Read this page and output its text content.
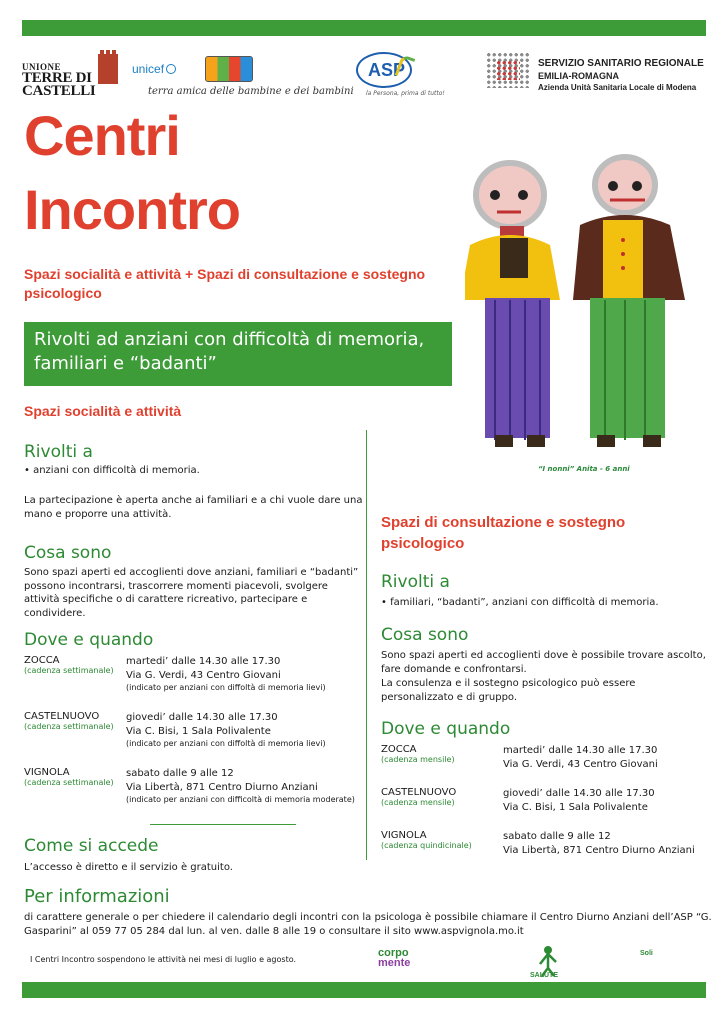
UNIONE
TERRE DI
CASTELLI
unicef
terra amica delle bambine e dei bambini
ASP
la Persona, prima di tutto!
SERVIZIO SANITARIO REGIONALE
EMILIA-ROMAGNA
Azienda Unità Sanitaria Locale di Modena
Centri
Incontro
Spazi socialità e attività + Spazi di consultazione e sostegno psicologico
Rivolti ad anziani con difficoltà di memoria, familiari e “badanti”
“I nonni” Anita - 6 anni
Spazi socialità e attività
Rivolti a
• anziani con difficoltà di memoria.
La partecipazione è aperta anche ai familiari e a chi vuole dare una mano e proporre una attività.
Cosa sono
Sono spazi aperti ed accoglienti dove anziani, familiari e “badanti” possono incontrarsi, trascorrere momenti piacevoli, svolgere attività specifiche o di carattere ricreativo, partecipare e condividere.
Dove e quando
ZOCCA
(cadenza settimanale)
martedi’ dalle 14.30 alle 17.30
Via G. Verdi, 43 Centro Giovani
(indicato per anziani con diffoltà di memoria lievi)
CASTELNUOVO
(cadenza settimanale)
giovedi’ dalle 14.30 alle 17.30
Via C. Bisi, 1 Sala Polivalente
(indicato per anziani con diffoltà di memoria lievi)
VIGNOLA
(cadenza settimanale)
sabato dalle 9 alle 12
Via Libertà, 871 Centro Diurno Anziani
(indicato per anziani con difficoltà di memoria moderate)
Come si accede
L’accesso è diretto e il servizio è gratuito.
Spazi di consultazione e sostegno psicologico
Rivolti a
• familiari, “badanti”, anziani con difficoltà di memoria.
Cosa sono
Sono spazi aperti ed accoglienti dove è possibile trovare ascolto, fare domande e confrontarsi.
La consulenza e il sostegno psicologico può essere personalizzato e di gruppo.
Dove e quando
ZOCCA
(cadenza mensile)
martedi’ dalle 14.30 alle 17.30
Via G. Verdi, 43 Centro Giovani
CASTELNUOVO
(cadenza mensile)
giovedi’ dalle 14.30 alle 17.30
Via C. Bisi, 1 Sala Polivalente
VIGNOLA
(cadenza quindicinale)
sabato dalle 9 alle 12
Via Libertà, 871 Centro Diurno Anziani
Per informazioni
di carattere generale o per chiedere il calendario degli incontri con la psicologa è possibile chiamare il Centro Diurno Anziani dell’ASP “G. Gasparini” al 059 77 05 284 dal lun. al ven. dalle 8 alle 19 o consultare il sito www.aspvignola.mo.it
I Centri Incontro sospendono le attività nei mesi di luglio e agosto.
corpo
mente
SALUTE
Soli
